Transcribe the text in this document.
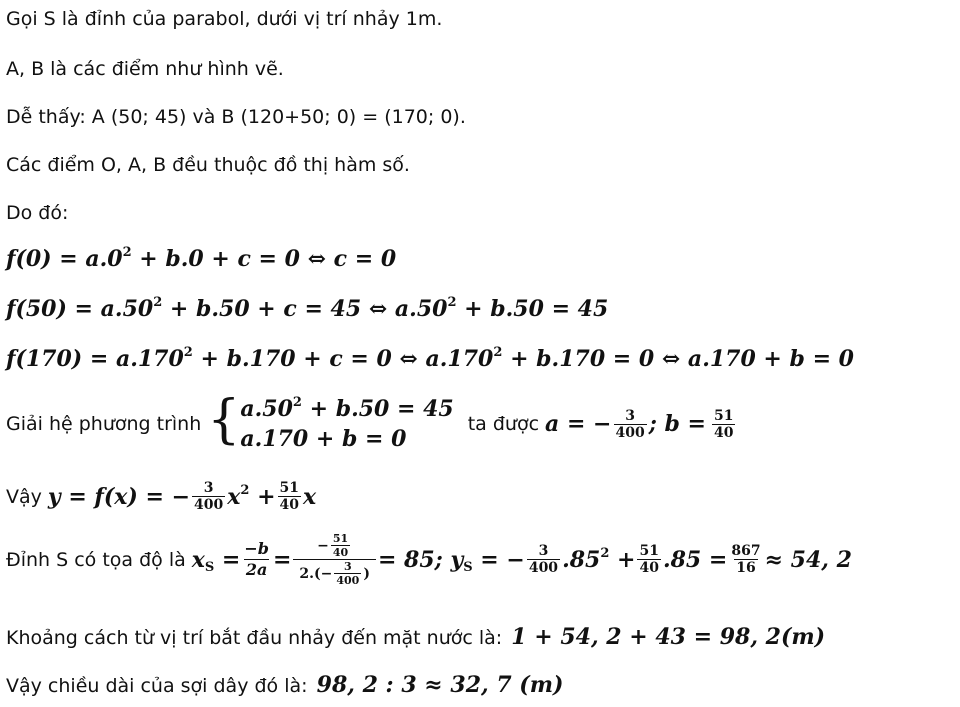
Gọi S là đỉnh của parabol, dưới vị trí nhảy 1m.
A, B là các điểm như hình vẽ.
Dễ thấy: A (50; 45) và B (120+50; 0) = (170; 0).
Các điểm O, A, B đều thuộc đồ thị hàm số.
Do đó:
$f(0) = a.0^2 + b.0 + c = 0$ ⇔ c = 0
$f(50) = a.50^2 + b.50 + c = 45$ ⇔ $a.50^2 + b.50 = 45$
$f(170) = a.170^2 + b.170 + c = 0$ ⇔ $a.170^2 + b.170 = 0$ ⇔ a.170 + b = 0
Giải hệ phương trình { $a.50^2 + b.50 = 45$
a.170 + b = 0
ta được a = − $\frac{3}{400}$ ; $b = \frac{51}{40}$
Vậy y = f(x) = − $\frac{3}{400} x^2 + \frac{51}{40}$ x
Đỉnh S có tọa độ là $x_S = \frac{-b}{2a} = \frac{- \frac{51}{40}}{2.(- \frac{3}{400} )} = 85$; $y_S$ = − $\frac{3}{400} .85^2 + \frac{51}{40} .85 = \frac{867}{16} \approx 54$, 2
Khoảng cách từ vị trí bắt đầu nhảy đến mặt nước là: 1 + 54, 2 + 43 = 98, 2(m)
Vậy chiều dài của sợi dây đó là: 98, 2 : 3 ≈ 32, 7 (m)
